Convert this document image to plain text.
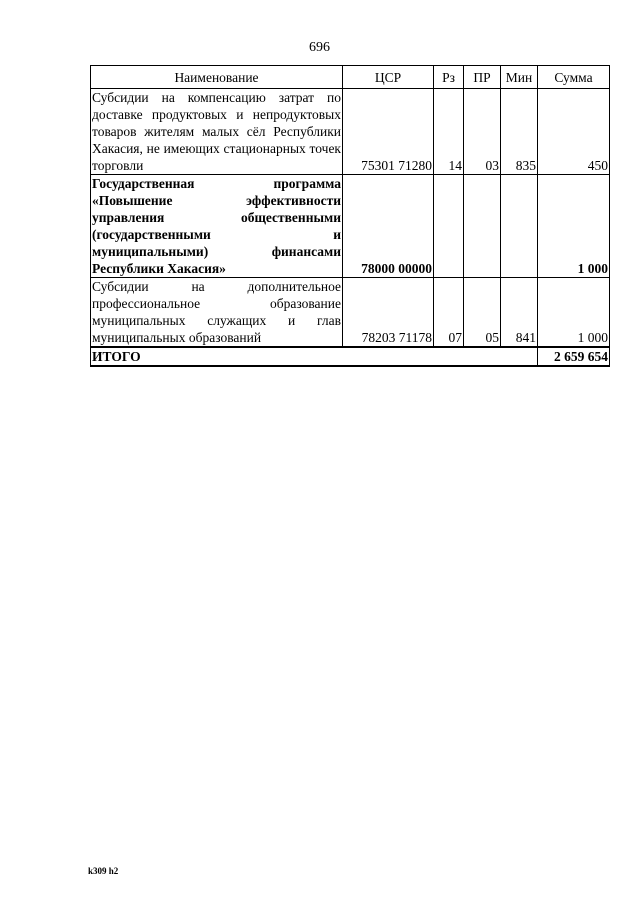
696
Наименование	ЦСР	Рз	ПР	Мин	Сумма
Субсидии на компенсацию затрат по доставке продуктовых и непродуктовых товаров жителям малых сёл Республики Хакасия, не имеющих стационарных точек торговли	75301 71280	14	03	835	450
Государственная программа «Повышение эффективности управления общественными (государственными и муниципальными) финансами Республики Хакасия»	78000 00000				1 000
Субсидии на дополнительное профессиональное образование муниципальных служащих и глав муниципальных образований	78203 71178	07	05	841	1 000
ИТОГО					2 659 654
k309 h2
